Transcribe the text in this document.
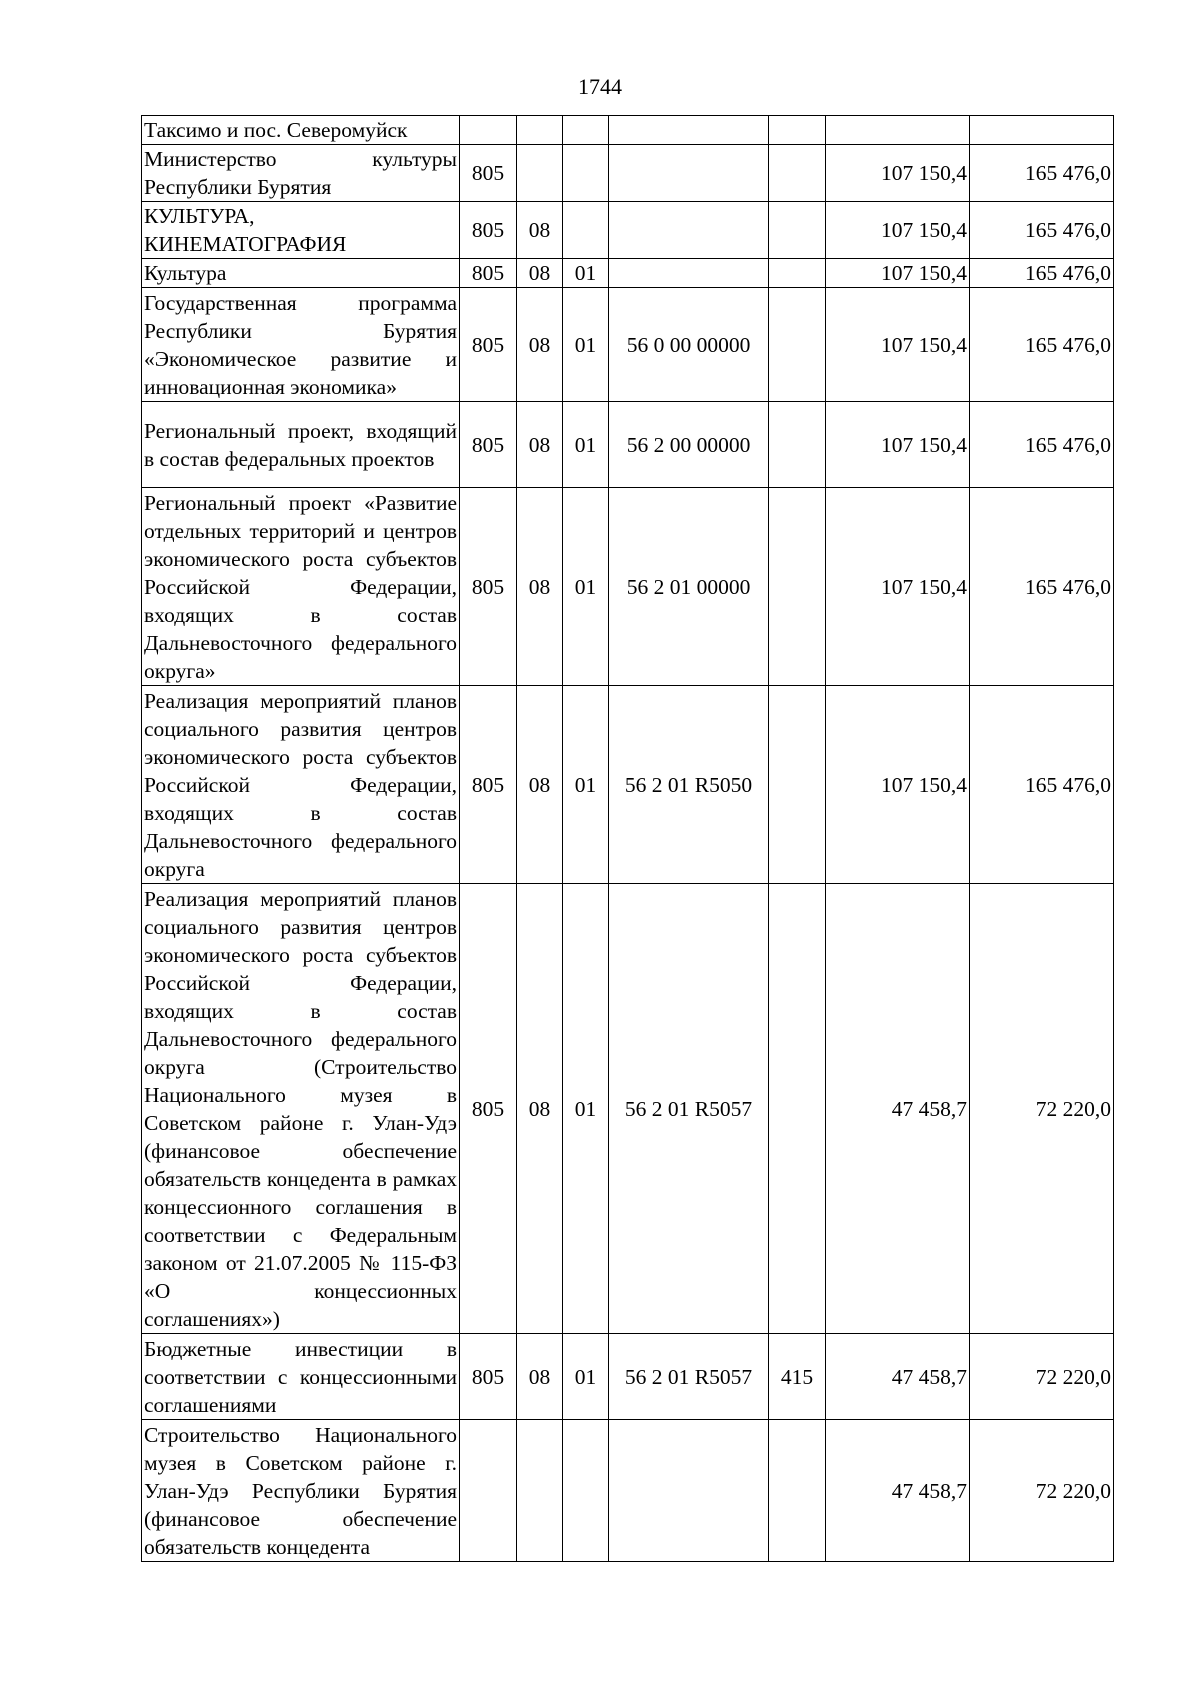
1744
Таксимо и пос. Северомуйск							
Министерство культуры Республики Бурятия	805					107 150,4	165 476,0
КУЛЬТУРА, КИНЕМАТОГРАФИЯ	805	08				107 150,4	165 476,0
Культура	805	08	01			107 150,4	165 476,0
Государственная программа Республики Бурятия «Экономическое развитие и инновационная экономика»	805	08	01	56 0 00 00000		107 150,4	165 476,0
Региональный проект, входящий в состав федеральных проектов	805	08	01	56 2 00 00000		107 150,4	165 476,0
Региональный проект «Развитие отдельных территорий и центров экономического роста субъектов Российской Федерации, входящих в состав Дальневосточного федерального округа»	805	08	01	56 2 01 00000		107 150,4	165 476,0
Реализация мероприятий планов социального развития центров экономического роста субъектов Российской Федерации, входящих в состав Дальневосточного федерального округа	805	08	01	56 2 01 R5050		107 150,4	165 476,0
Реализация мероприятий планов социального развития центров экономического роста субъектов Российской Федерации, входящих в состав Дальневосточного федерального округа (Строительство Национального музея в Советском районе г. Улан-Удэ (финансовое обеспечение обязательств концедента в рамках концессионного соглашения в соответствии с Федеральным законом от 21.07.2005 № 115-ФЗ «О концессионных соглашениях»)	805	08	01	56 2 01 R5057		47 458,7	72 220,0
Бюджетные инвестиции в соответствии с концессионными соглашениями	805	08	01	56 2 01 R5057	415	47 458,7	72 220,0
Строительство Национального музея в Советском районе г. Улан-Удэ Республики Бурятия (финансовое обеспечение обязательств концедента						47 458,7	72 220,0
